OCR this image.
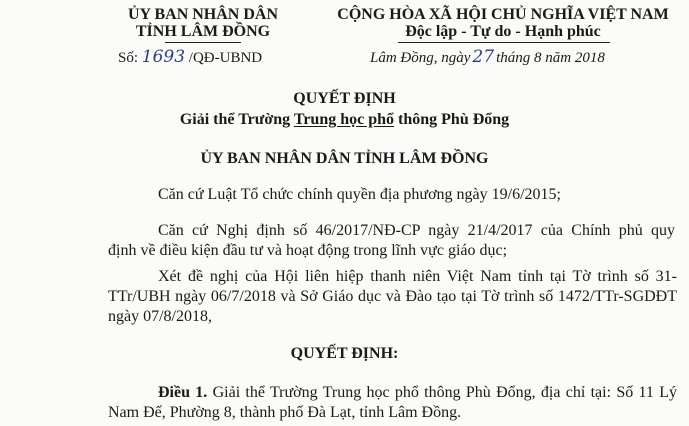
ỦY BAN NHÂN DÂN
TỈNH LÂM ĐỒNG
Số: 1693 /QĐ-UBND
CỘNG HÒA XÃ HỘI CHỦ NGHĨA VIỆT NAM
Độc lập - Tự do - Hạnh phúc
Lâm Đồng, ngày 27 tháng 8 năm 2018
QUYẾT ĐỊNH
Giải thể Trường Trung học phổ thông Phù Đổng
ỦY BAN NHÂN DÂN TỈNH LÂM ĐỒNG
Căn cứ Luật Tổ chức chính quyền địa phương ngày 19/6/2015;
Căn cứ Nghị định số 46/2017/NĐ-CP ngày 21/4/2017 của Chính phủ quy
định về điều kiện đầu tư và hoạt động trong lĩnh vực giáo dục;
Xét đề nghị của Hội liên hiệp thanh niên Việt Nam tỉnh tại Tờ trình số 31-
TTr/UBH ngày 06/7/2018 và Sở Giáo dục và Đào tạo tại Tờ trình số 1472/TTr-SGDĐT
ngày 07/8/2018,
QUYẾT ĐỊNH:
Điều 1. Giải thể Trường Trung học phổ thông Phù Đổng, địa chỉ tại: Số 11 Lý
Nam Đế, Phường 8, thành phố Đà Lạt, tỉnh Lâm Đồng.
